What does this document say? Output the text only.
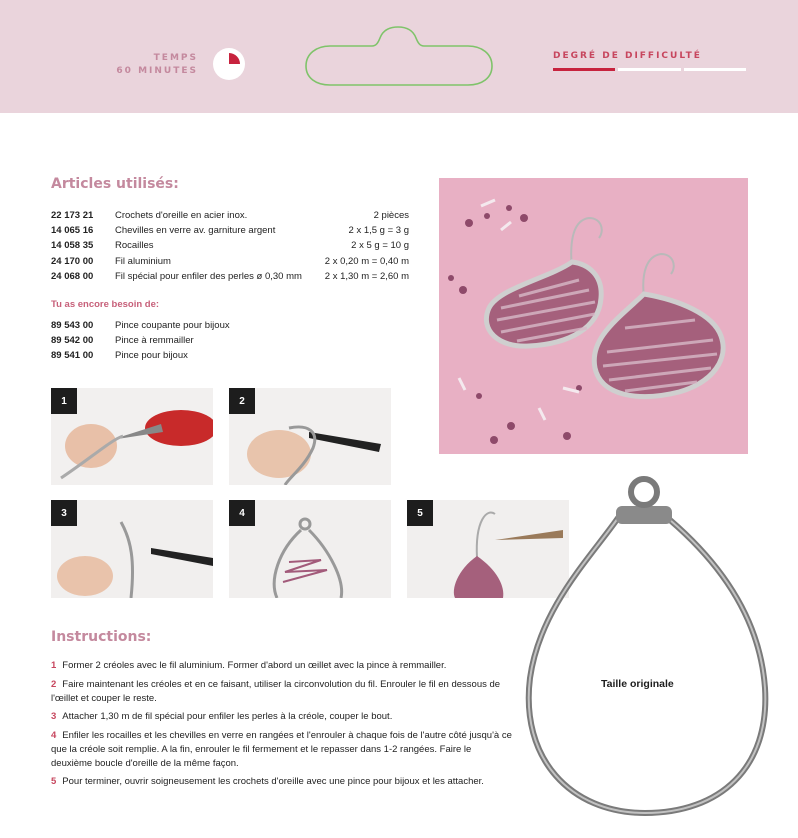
TEMPS
60 MINUTES
DEGRÉ DE DIFFICULTÉ
Articles utilisés:
22 173 21	Crochets d'oreille en acier inox.	2 pièces
14 065 16	Chevilles en verre av. garniture argent	2 x 1,5 g = 3 g
14 058 35	Rocailles	2 x 5 g = 10 g
24 170 00	Fil aluminium	2 x 0,20 m = 0,40 m
24 068 00	Fil spécial pour enfiler des perles ø 0,30 mm	2 x 1,30 m = 2,60 m
Tu as encore besoin de:
89 543 00	Pince coupante pour bijoux
89 542 00	Pince à remmailler
89 541 00	Pince pour bijoux
1	2
3	4	5
Instructions:

1 Former 2 créoles avec le fil aluminium. Former d'abord un œillet avec la pince à remmailler.

2 Faire maintenant les créoles et en ce faisant, utiliser la circonvolution du fil. Enrouler le fil en dessous de l'œillet et couper le reste.

3 Attacher 1,30 m de fil spécial pour enfiler les perles à la créole, couper le bout.

4 Enfiler les rocailles et les chevilles en verre en rangées et l'enrouler à chaque fois de l'autre côté jusqu'à ce que la créole soit remplie. A la fin, enrouler le fil fermement et le repasser dans 1-2 rangées. Faire le deuxième boucle d'oreille de la même façon.

5 Pour terminer, ouvrir soigneusement les crochets d'oreille avec une pince pour bijoux et les attacher.

Taille originale
